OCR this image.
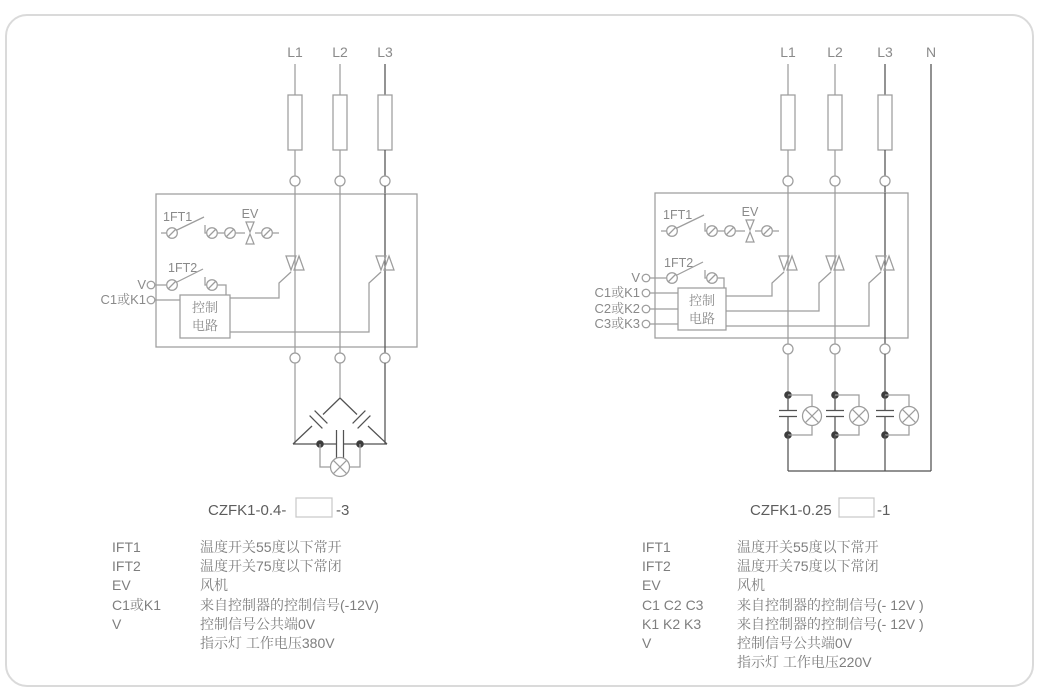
L1 L2 L3
1FT1	EV
1FT2
V
C1或K1
控制
电路
CZFK1-0.4-	-3
L1 L2 L3 N
1FT1	EV
1FT2
V
C1或K1
C2或K2
C3或K3
控制
电路
CZFK1-0.25	-1
IFT1	温度开关55度以下常开
IFT2	温度开关75度以下常闭
EV	风机
C1或K1	来自控制器的控制信号(-12V)
V	控制信号公共端0V
指示灯 工作电压380V
IFT1	温度开关55度以下常开
IFT2	温度开关75度以下常闭
EV	风机
C1 C2 C3	来自控制器的控制信号(- 12V )
K1 K2 K3	来自控制器的控制信号(- 12V )
V	控制信号公共端0V
指示灯 工作电压220V
